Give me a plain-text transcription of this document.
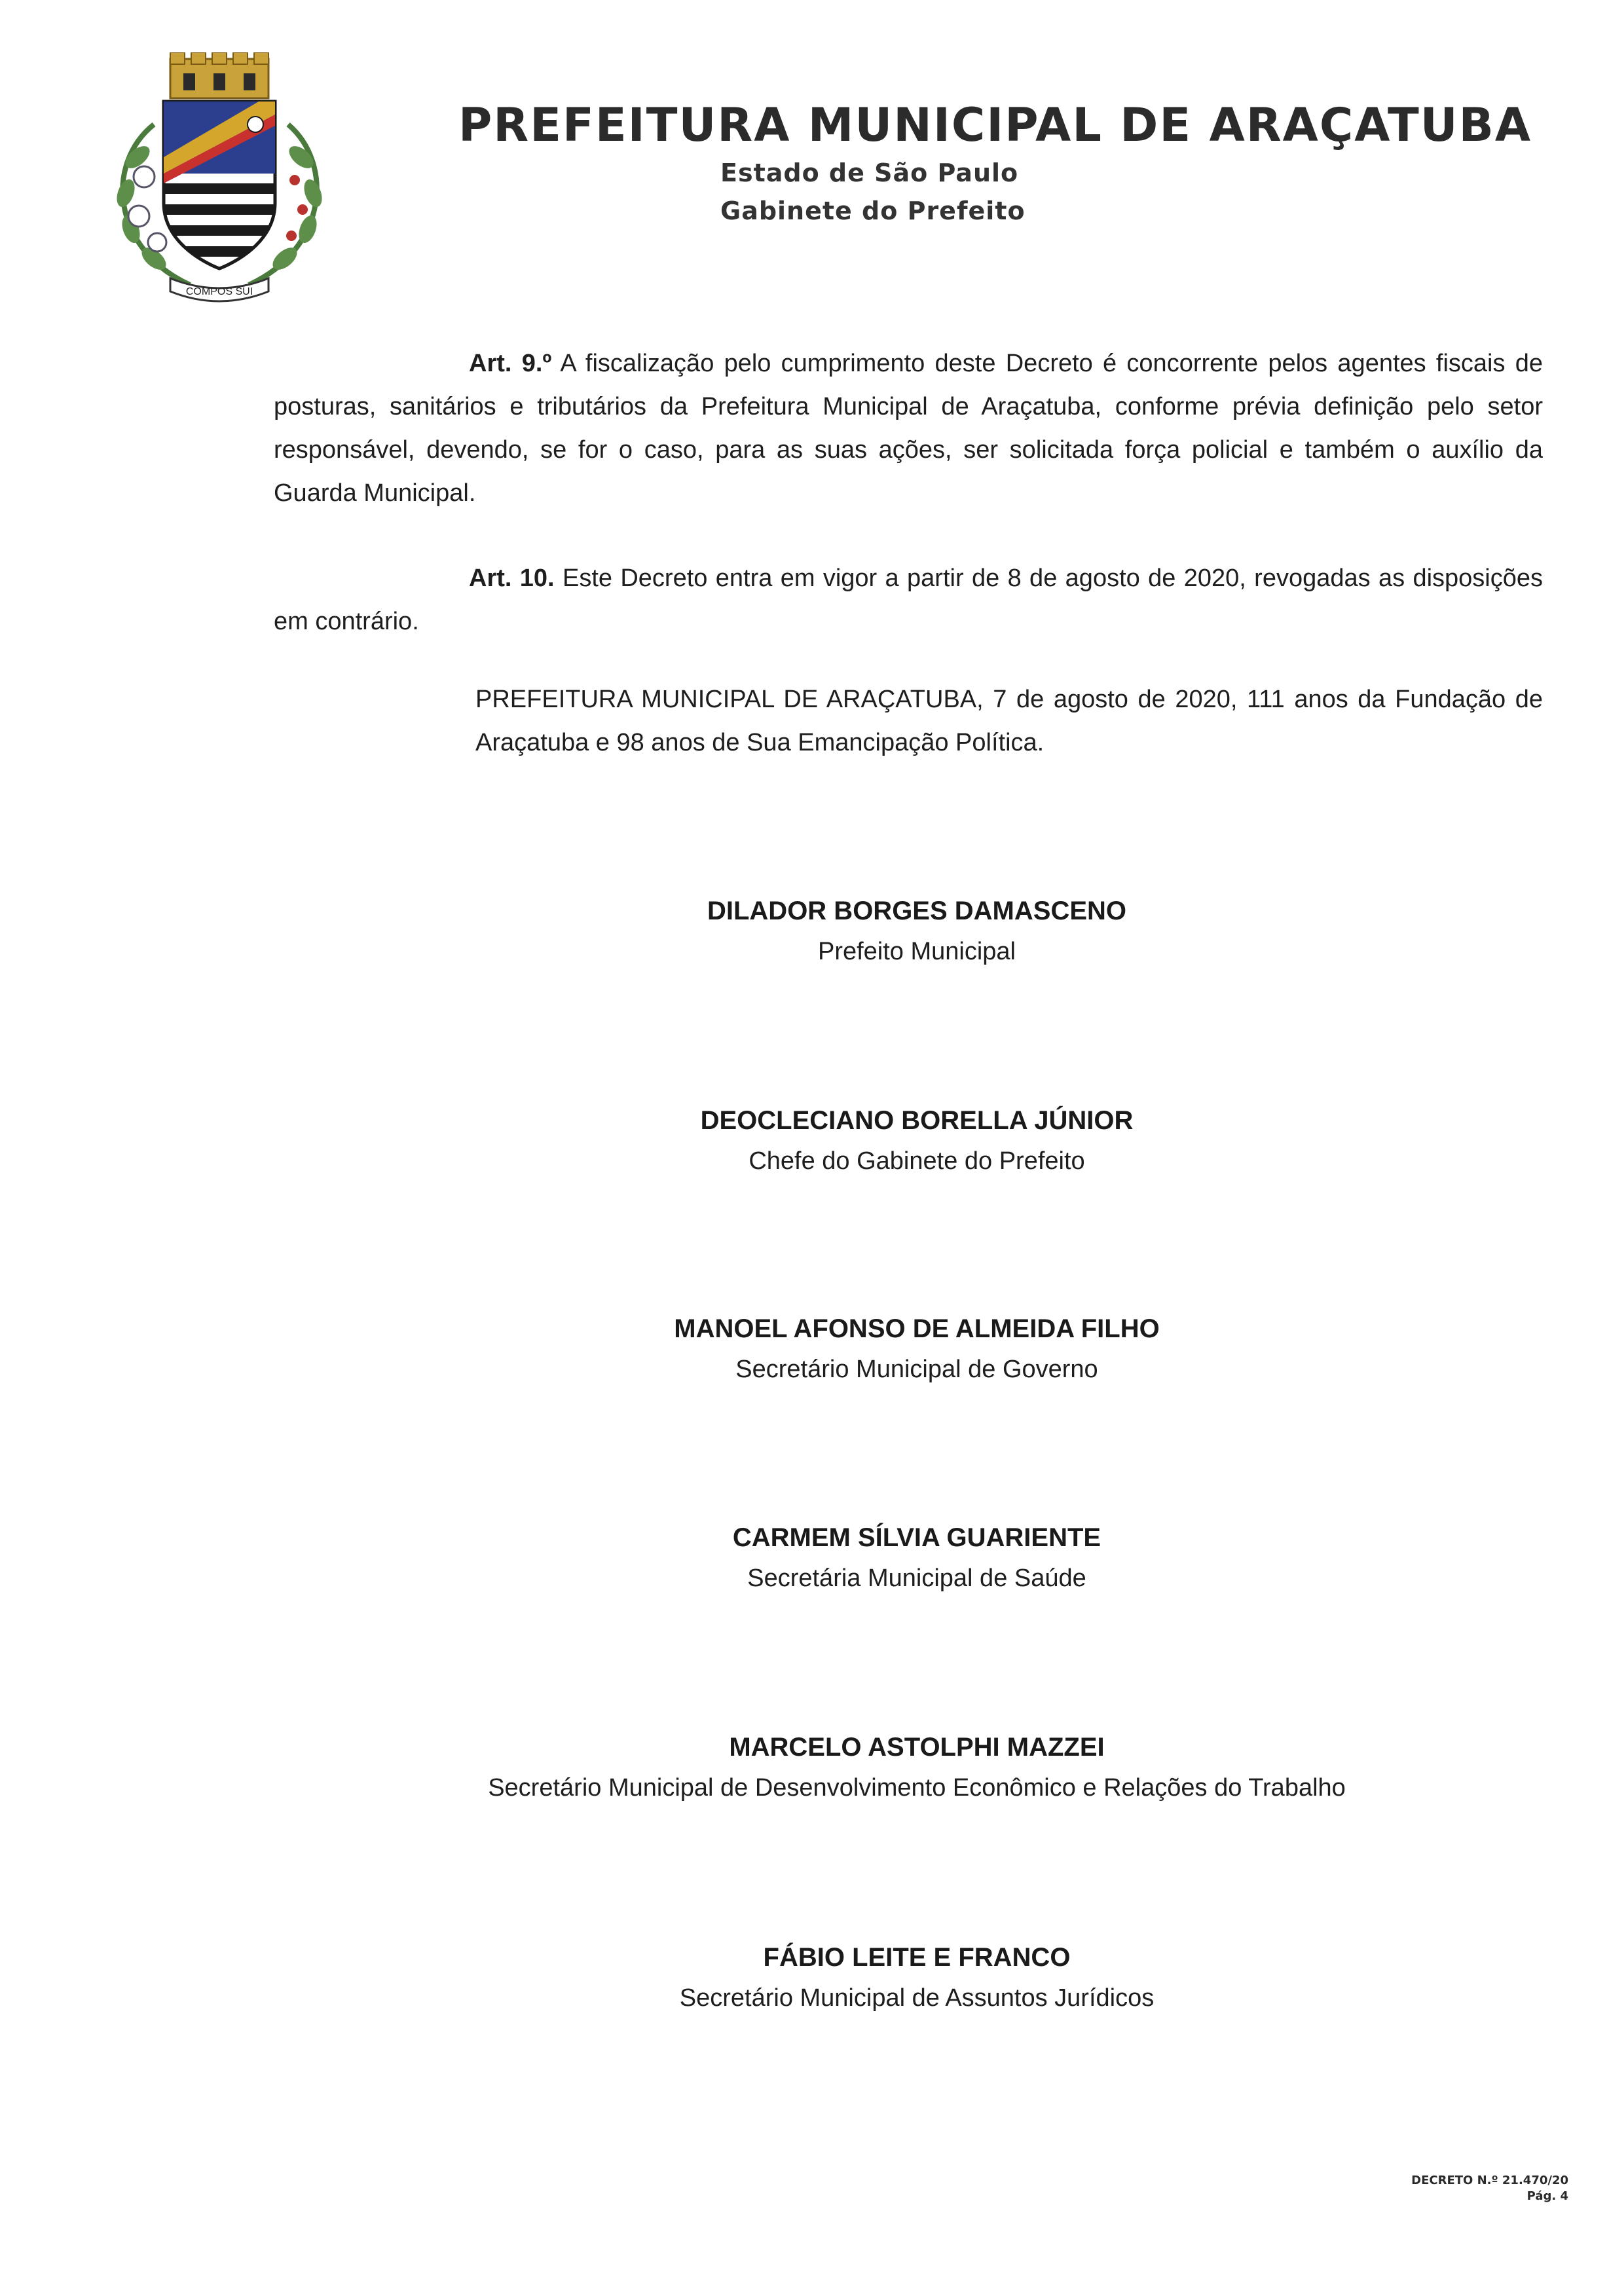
COMPOS SUI
PREFEITURA MUNICIPAL DE ARAÇATUBA
Estado de São Paulo
Gabinete do Prefeito
Art. 9.º A fiscalização pelo cumprimento deste Decreto é concorrente pelos agentes fiscais de posturas, sanitários e tributários da Prefeitura Municipal de Araçatuba, conforme prévia definição pelo setor responsável, devendo, se for o caso, para as suas ações, ser solicitada força policial e também o auxílio da Guarda Municipal.
Art. 10. Este Decreto entra em vigor a partir de 8 de agosto de 2020, revogadas as disposições em contrário.
PREFEITURA MUNICIPAL DE ARAÇATUBA, 7 de agosto de 2020, 111 anos da Fundação de Araçatuba e 98 anos de Sua Emancipação Política.
DILADOR BORGES DAMASCENO
Prefeito Municipal
DEOCLECIANO BORELLA JÚNIOR
Chefe do Gabinete do Prefeito
MANOEL AFONSO DE ALMEIDA FILHO
Secretário Municipal de Governo
CARMEM SÍLVIA GUARIENTE
Secretária Municipal de Saúde
MARCELO ASTOLPHI MAZZEI
Secretário Municipal de Desenvolvimento Econômico e Relações do Trabalho
FÁBIO LEITE E FRANCO
Secretário Municipal de Assuntos Jurídicos
DECRETO N.º 21.470/20
Pág. 4
